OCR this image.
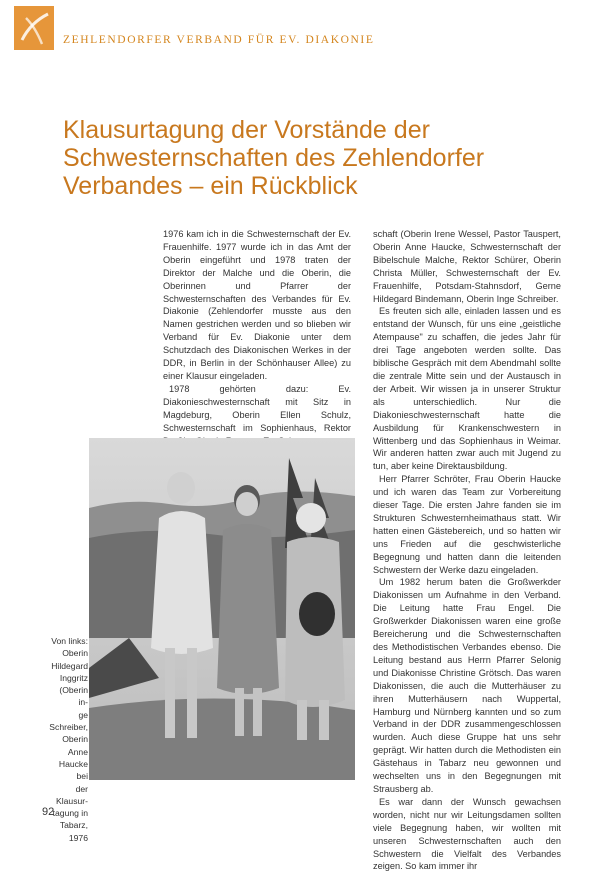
ZEHLENDORFER VERBAND FÜR EV. DIAKONIE
Klausurtagung der Vorstände der
Schwesternschaften des Zehlendorfer
Verbandes – ein Rückblick

1976 kam ich in die Schwesternschaft der Ev. Frauenhilfe. 1977 wurde ich in das Amt der Oberin eingeführt und 1978 traten der Direktor der Malche und die Oberin, die Oberinnen und Pfarrer der Schwesternschaften des Verbandes für Ev. Diakonie (Zehlendorfer musste aus den Namen gestrichen werden und so blieben wir Verband für Ev. Diakonie unter dem Schutzdach des Diakonischen Werkes in der DDR, in Berlin in der Schönhauser Allee) zu einer Klausur eingeladen.

1978 gehörten dazu: Ev. Diakonieschwesternschaft mit Sitz in Magdeburg, Oberin Ellen Schulz, Schwesternschaft im Sophienhaus, Rektor

schaft (Oberin Irene Wessel, Pastor Tauspert, Oberin Anne Haucke, Schwesternschaft der Bibelschule Malche, Rektor Schürer, Oberin Christa Müller, Schwesternschaft der Ev. Frauenhilfe, Potsdam-Stahnsdorf, Gerne Hildegard Bindemann, Oberin Inge Schreiber.

Es freuten sich alle, einladen lassen und es entstand der Wunsch, für uns eine „geistliche Atempause" zu schaffen, die jedes Jahr für drei Tage angeboten werden sollte. Das biblische Gespräch mit dem Abendmahl sollte die zentrale Mitte sein und der Austausch in der Arbeit. Wir wissen ja in unserer Struktur als unterschiedlich. Nur die Diakonieschwesternschaft hatte die Ausbildung für Krankenschwestern in Wittenberg und das Sophienhaus in Weimar. Wir anderen hatten zwar auch mit Jugend zu tun, aber keine Direktausbildung.

Herr Pfarrer Schröter, Frau Oberin Haucke und ich waren das Team zur Vorbereitung dieser Tage. Die ersten Jahre fanden sie im Strukturen Schwesternheimathaus statt. Wir hatten einen Gästebereich, und so hatten wir uns Frieden auf die geschwisterliche Begegnung und hatten dann die leitenden Schwestern der Werke dazu eingeladen.

Um 1982 herum baten die Großwerkder Diakonissen um Aufnahme in den Verband. Die Leitung hatte Frau Engel. Die Großwerkder Diakonissen waren eine große Bereicherung und die Schwesternschaften des Methodistischen Verbandes ebenso. Die Leitung bestand aus Herrn Pfarrer Selonig und Diakonisse Christine Grötsch. Das waren Diakonissen, die auch die Mutterhäuser zu ihren Mutterhäusern nach Wuppertal, Hamburg und Nürnberg kannten und so zum Verband in der DDR zusammengeschlossen wurden. Auch diese Gruppe hat uns sehr geprägt. Wir hatten durch die Methodisten ein Gästehaus in Tabarz neu gewonnen und wechselten uns in den Begegnungen mit Strausberg ab.

Es war dann der Wunsch gewachsen worden, nicht nur wir Leitungsdamen sollten viele Begegnung haben, wir wollten mit unseren Schwesternschaften auch den Schwestern die Vielfalt des Verbandes zeigen. So kam immer ihr

Von links:

Oberin

Hildegard

Inggritz

(Oberin in-

ge Schreiber,

Oberin Anne

Haucke bei

der Klausur-

tagung in

Tabarz,

1976

92
